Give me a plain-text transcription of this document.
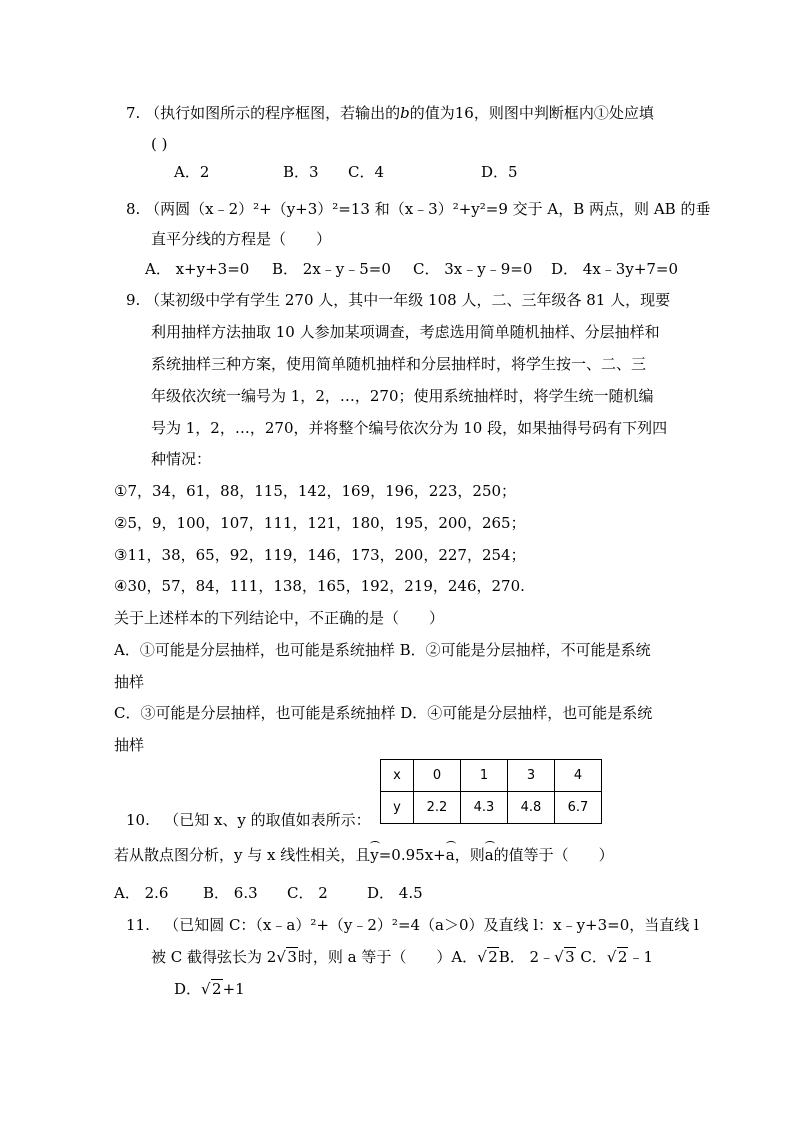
7. （执行如图所示的程序框图，若输出的b的值为16，则图中判断框内①处应填
( )
A．2	B．3 C．4	D．5
8. （两圆（x﹣2）²+（y+3）²=13 和（x﹣3）²+y²=9 交于 A，B 两点，则 AB 的垂
直平分线的方程是（　　）
A． x+y+3=0 B． 2x﹣y﹣5=0 C． 3x﹣y﹣9=0 D． 4x﹣3y+7=0
9. （某初级中学有学生 270 人，其中一年级 108 人，二、三年级各 81 人，现要
利用抽样方法抽取 10 人参加某项调查，考虑选用简单随机抽样、分层抽样和
系统抽样三种方案，使用简单随机抽样和分层抽样时，将学生按一、二、三
年级依次统一编号为 1，2，…，270；使用系统抽样时，将学生统一随机编
号为 1，2，…，270，并将整个编号依次分为 10 段，如果抽得号码有下列四
种情况：
①7，34，61，88，115，142，169，196，223，250；
②5，9，100，107，111，121，180，195，200，265；
③11，38，65，92，119，146，173，200，227，254；
④30，57，84，111，138，165，192，219，246，270.
关于上述样本的下列结论中，不正确的是（　　）
A．①可能是分层抽样，也可能是系统抽样 B．②可能是分层抽样，不可能是系统
抽样
C．③可能是分层抽样，也可能是系统抽样 D．④可能是分层抽样，也可能是系统
抽样
x	0	1	3	4
y	2.2	4.3	4.8	6.7
10.   （已知 x、y 的取值如表所示：
若从散点图分析，y 与 x 线性相关，且y=0.95x+a，则a的值等于（　　）
A． 2.6 B． 6.3 C． 2	D． 4.5
11.   （已知圆 C：（x﹣a）²+（y﹣2）²=4（a＞0）及直线 l：x﹣y+3=0，当直线 l
被 C 截得弦长为 2 √ 3时，则 a 等于（　　）A． √ 2B． 2﹣ √ 3 C． √ 2﹣1
D． √ 2+1
